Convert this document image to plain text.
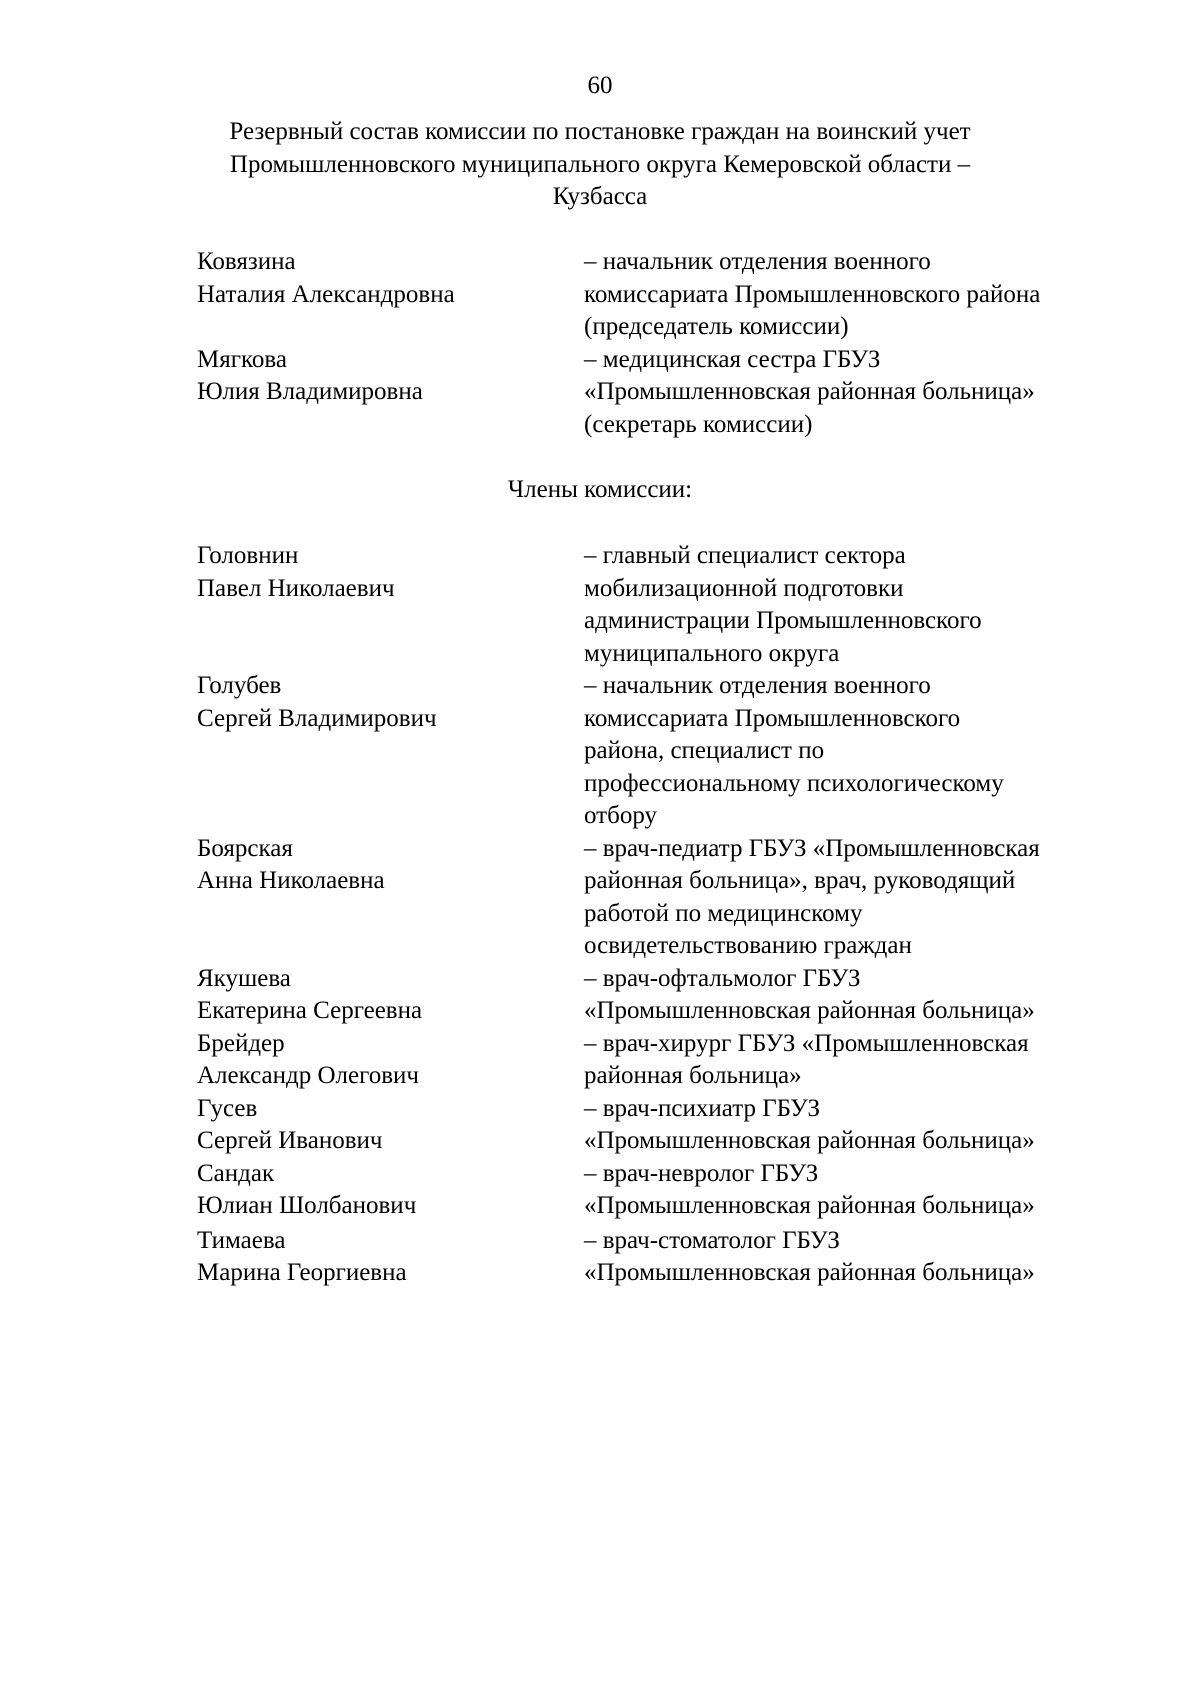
60
Резервный состав комиссии по постановке граждан на воинский учет
Промышленновского муниципального округа Кемеровской области –
Кузбасса
Ковязина
Наталия Александровна
– начальник отделения военного
комиссариата Промышленновского района
(председатель комиссии)
Мягкова
Юлия Владимировна
– медицинская сестра ГБУЗ
«Промышленновская районная больница»
(секретарь комиссии)
Члены комиссии:
Головнин
Павел Николаевич
– главный специалист сектора
мобилизационной подготовки
администрации Промышленновского
муниципального округа
Голубев
Сергей Владимирович
– начальник отделения военного
комиссариата Промышленновского
района, специалист по
профессиональному психологическому
отбору
Боярская
Анна Николаевна
– врач-педиатр ГБУЗ «Промышленновская
районная больница», врач, руководящий
работой по медицинскому
освидетельствованию граждан
Якушева
Екатерина Сергеевна
– врач-офтальмолог ГБУЗ
«Промышленновская районная больница»
Брейдер
Александр Олегович
– врач-хирург ГБУЗ «Промышленновская
районная больница»
Гусев
Сергей Иванович
– врач-психиатр ГБУЗ
«Промышленновская районная больница»
Сандак
Юлиан Шолбанович
– врач-невролог ГБУЗ
«Промышленновская районная больница»
Тимаева
Марина Георгиевна
– врач-стоматолог ГБУЗ
«Промышленновская районная больница»
